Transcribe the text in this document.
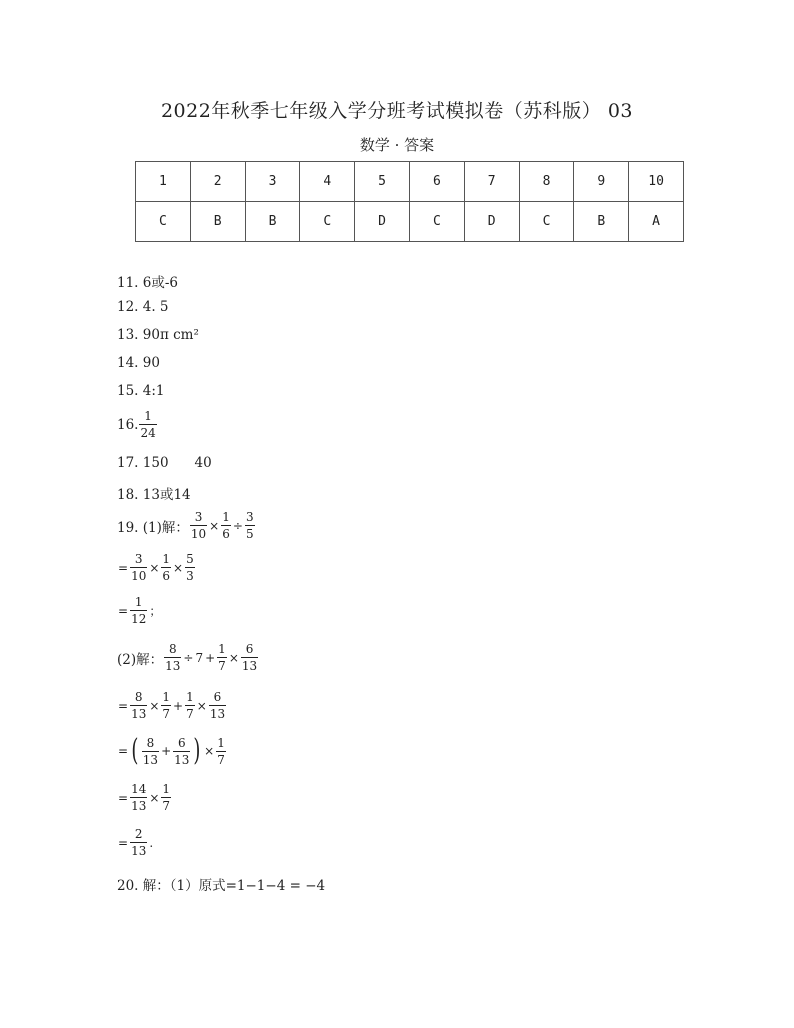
2022年秋季七年级入学分班考试模拟卷（苏科版） 03
数学 · 答案
1	2	3	4	5	6	7	8	9	10
C	B	B	C	D	C	D	C	B	A
11. 6或-6
12. 4. 5
13. 90π cm²
14. 90
15. 4:1
16. $\frac{1}{24}$
17. 150 40
18. 13或14
19. (1)解： $\frac{3}{10} \times \frac{1}{6} \div \frac{3}{5}$
= $\frac{3}{10} \times \frac{1}{6} \times \frac{5}{3}$
= $\frac{1}{12}$ ；
(2)解： $\frac{8}{13} \div 7 + \frac{1}{7} \times \frac{6}{13}$
= $\frac{8}{13} \times \frac{1}{7} + \frac{1}{7} \times \frac{6}{13}$
= ( $\frac{8}{13} + \frac{6}{13}$ ) × $\frac{1}{7}$
= $\frac{14}{13} \times \frac{1}{7}$
= $\frac{2}{13}$ .
20. 解：（1）原式=1−1−4 = −4
